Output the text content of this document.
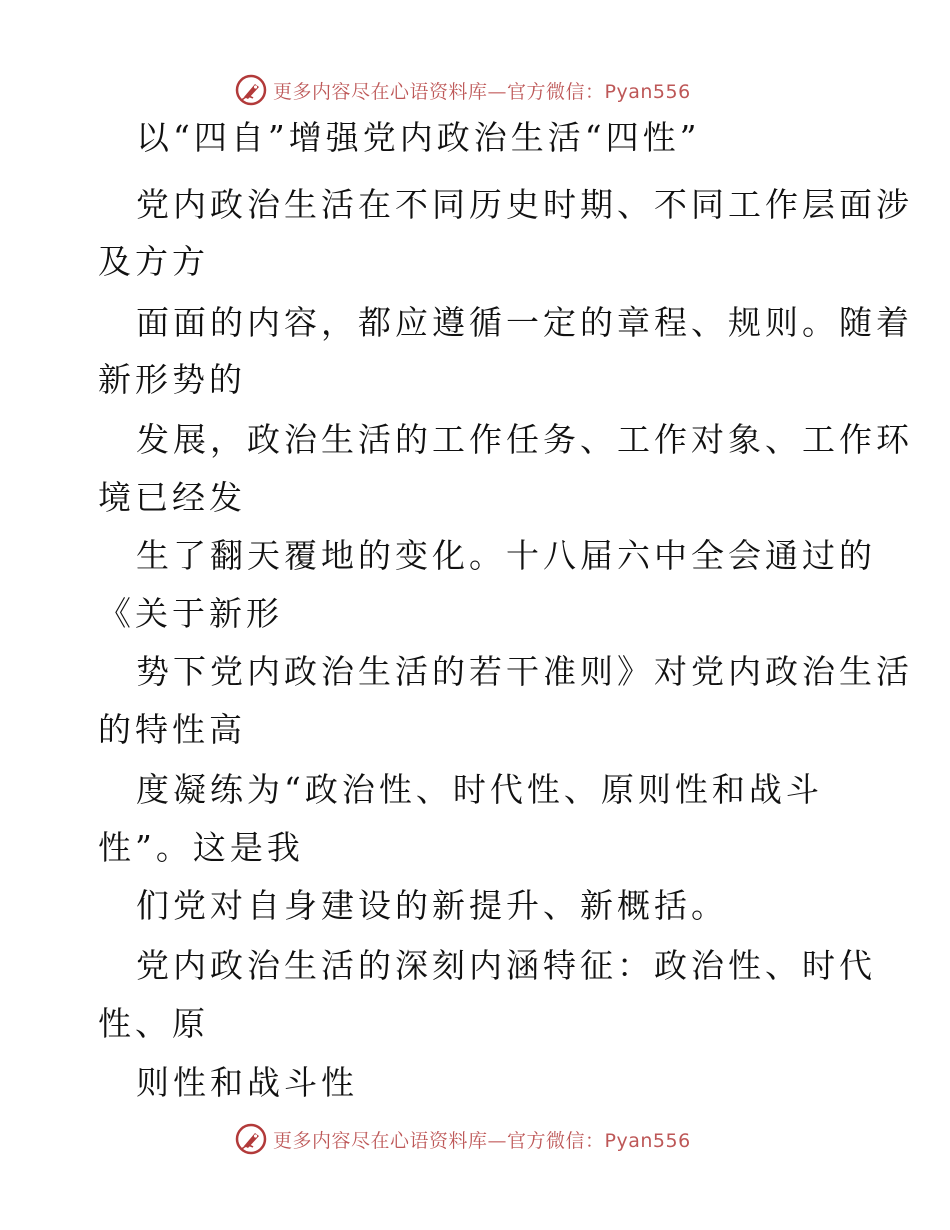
更多内容尽在心语资料库—官方微信：Pyan556
以“四自”增强党内政治生活“四性”
党内政治生活在不同历史时期、不同工作层面涉
及方方
面面的内容，都应遵循一定的章程、规则。随着
新形势的
发展，政治生活的工作任务、工作对象、工作环
境已经发
生了翻天覆地的变化。十八届六中全会通过的
《关于新形
势下党内政治生活的若干准则》对党内政治生活
的特性高
度凝练为“政治性、时代性、原则性和战斗
性”。这是我
们党对自身建设的新提升、新概括。
党内政治生活的深刻内涵特征：政治性、时代
性、原
则性和战斗性
更多内容尽在心语资料库—官方微信：Pyan556
